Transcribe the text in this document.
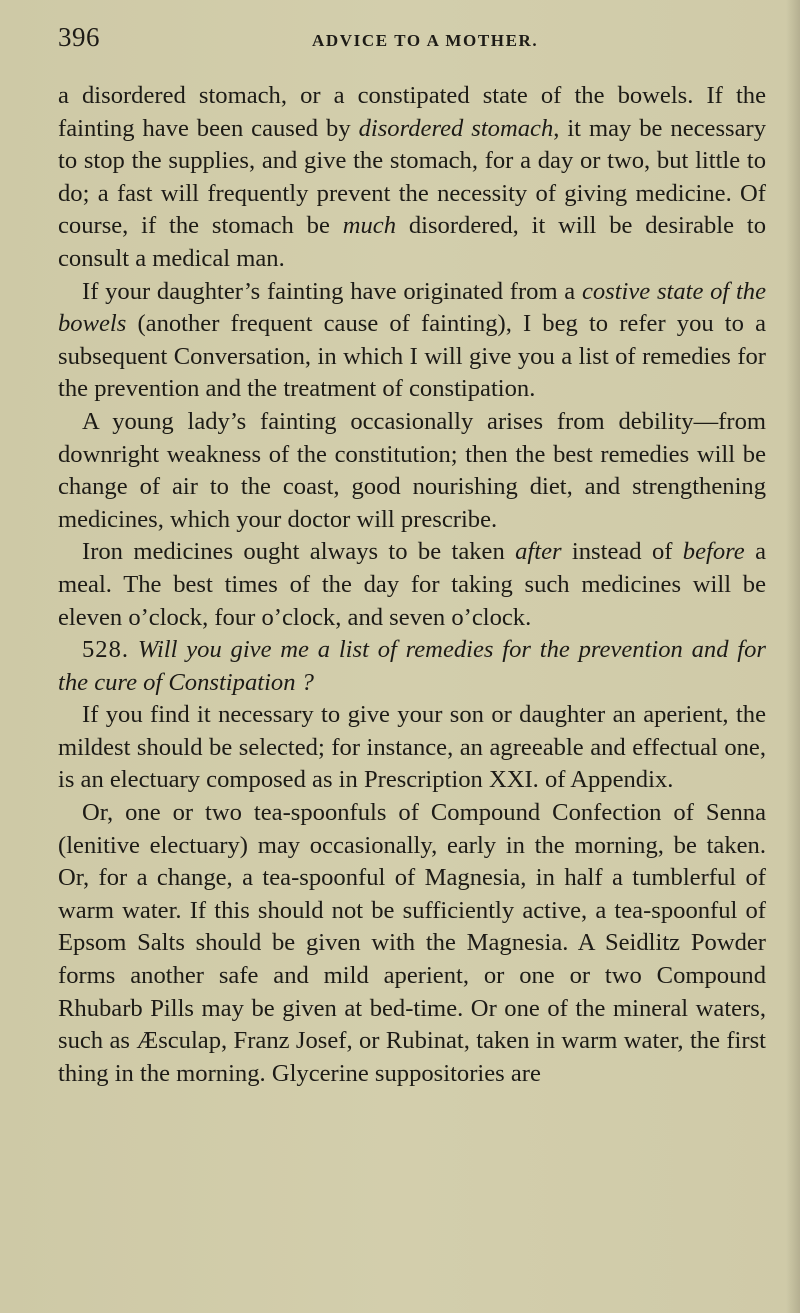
396	ADVICE TO A MOTHER.

a disordered stomach, or a constipated state of the bowels. If the fainting have been caused by disordered stomach, it may be necessary to stop the supplies, and give the stomach, for a day or two, but little to do; a fast will frequently prevent the necessity of giving medicine. Of course, if the stomach be much disordered, it will be desirable to consult a medical man.

If your daughter’s fainting have originated from a costive state of the bowels (another frequent cause of fainting), I beg to refer you to a subsequent Conversation, in which I will give you a list of remedies for the prevention and the treatment of constipation.

A young lady’s fainting occasionally arises from debility—from downright weakness of the constitution; then the best remedies will be change of air to the coast, good nourishing diet, and strengthening medicines, which your doctor will prescribe.

Iron medicines ought always to be taken after instead of before a meal. The best times of the day for taking such medicines will be eleven o’clock, four o’clock, and seven o’clock.

528. Will you give me a list of remedies for the prevention and for the cure of Constipation ?

If you find it necessary to give your son or daughter an aperient, the mildest should be selected; for instance, an agreeable and effectual one, is an electuary composed as in Prescription XXI. of Appendix.

Or, one or two tea-spoonfuls of Compound Confection of Senna (lenitive electuary) may occasionally, early in the morning, be taken. Or, for a change, a tea-spoonful of Magnesia, in half a tumblerful of warm water. If this should not be sufficiently active, a tea-spoonful of Epsom Salts should be given with the Magnesia. A Seidlitz Powder forms another safe and mild aperient, or one or two Compound Rhubarb Pills may be given at bed-time. Or one of the mineral waters, such as Æsculap, Franz Josef, or Rubinat, taken in warm water, the first thing in the morning. Glycerine suppositories are
